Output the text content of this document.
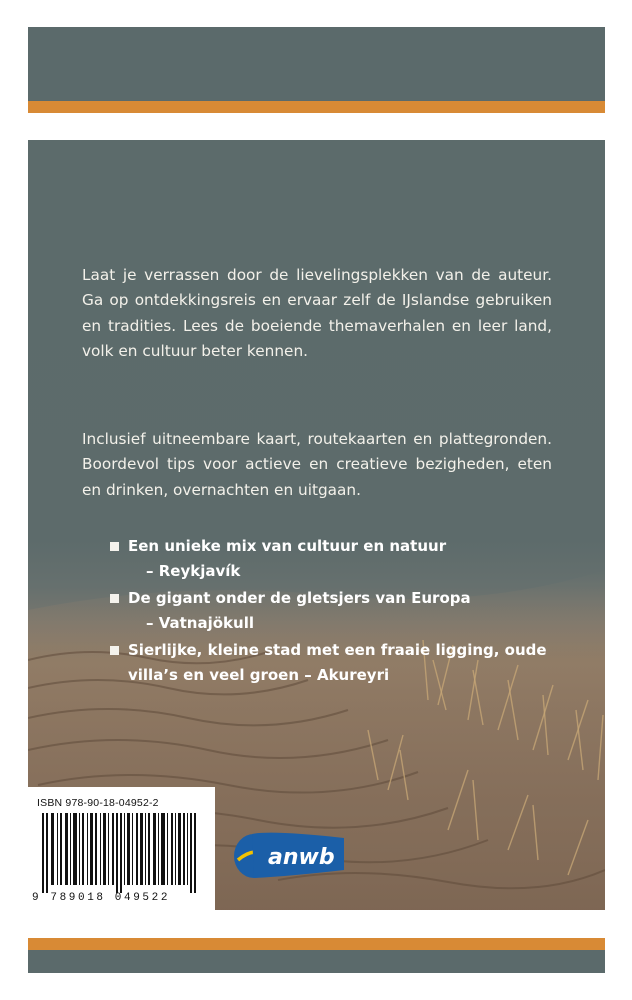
Laat je verrassen door de lievelingsplekken van de auteur. Ga op ontdekkingsreis en ervaar zelf de IJslandse gebruiken en tradities. Lees de boeiende themaverhalen en leer land, volk en cultuur beter kennen.

Inclusief uitneembare kaart, routekaarten en plattegronden. Boordevol tips voor actieve en creatieve bezigheden, eten en drinken, overnachten en uitgaan.

Een unieke mix van cultuur en natuur
– Reykjavík
De gigant onder de gletsjers van Europa
– Vatnajökull
Sierlijke, kleine stad met een fraaie ligging, oude villa’s en veel groen – Akureyri
ISBN 978-90-18-04952-2
9 789018 049522
anwb
